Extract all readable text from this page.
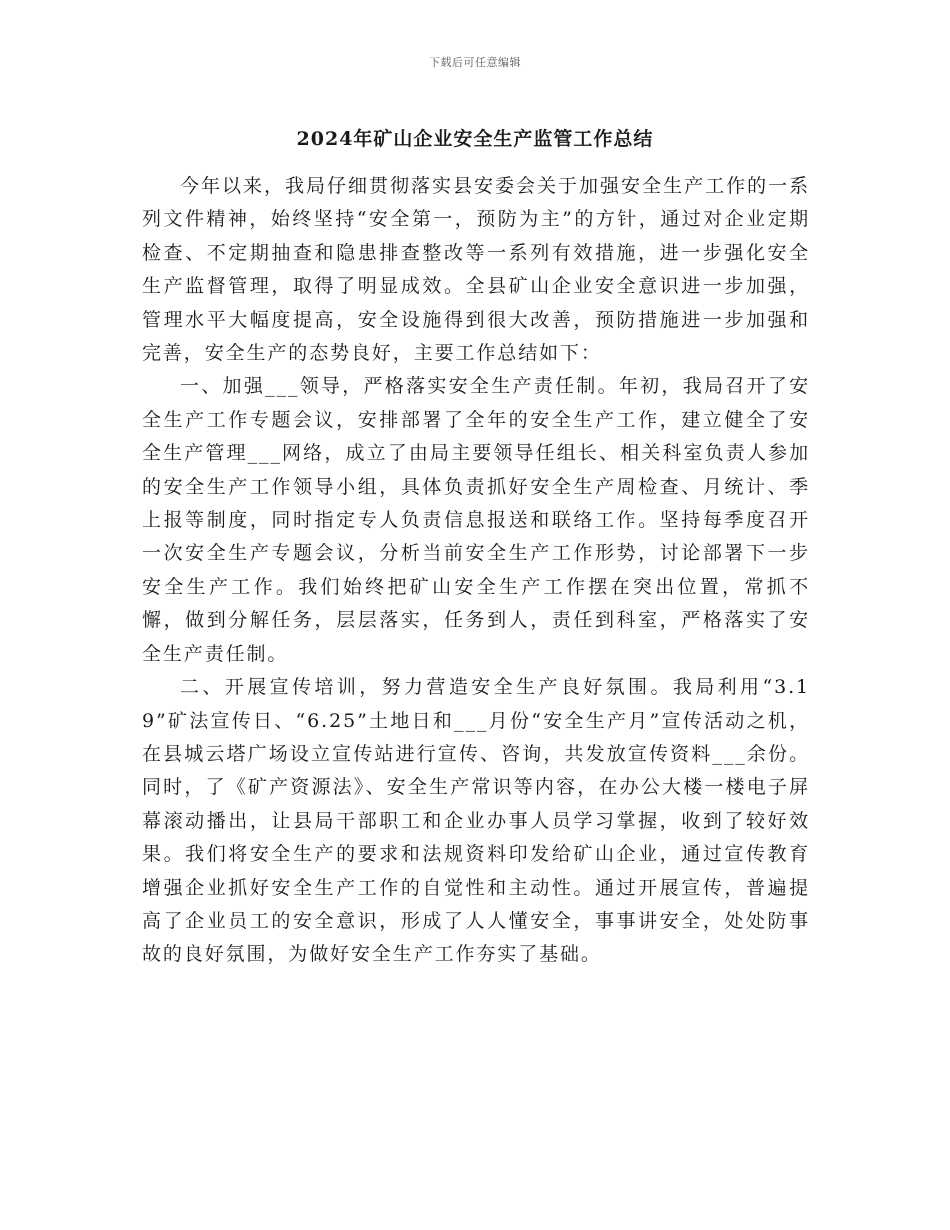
下载后可任意编辑
2024年矿山企业安全生产监管工作总结

今年以来，我局仔细贯彻落实县安委会关于加强安全生产工作的一系列文件精神，始终坚持“安全第一，预防为主”的方针，通过对企业定期检查、不定期抽查和隐患排查整改等一系列有效措施，进一步强化安全生产监督管理，取得了明显成效。全县矿山企业安全意识进一步加强，管理水平大幅度提高，安全设施得到很大改善，预防措施进一步加强和完善，安全生产的态势良好，主要工作总结如下：

一、加强___领导，严格落实安全生产责任制。年初，我局召开了安全生产工作专题会议，安排部署了全年的安全生产工作，建立健全了安全生产管理___网络，成立了由局主要领导任组长、相关科室负责人参加的安全生产工作领导小组，具体负责抓好安全生产周检查、月统计、季上报等制度，同时指定专人负责信息报送和联络工作。坚持每季度召开一次安全生产专题会议，分析当前安全生产工作形势，讨论部署下一步安全生产工作。我们始终把矿山安全生产工作摆在突出位置，常抓不懈，做到分解任务，层层落实，任务到人，责任到科室，严格落实了安全生产责任制。

二、开展宣传培训，努力营造安全生产良好氛围。我局利用“3.19”矿法宣传日、“6.25”土地日和___月份“安全生产月”宣传活动之机，在县城云塔广场设立宣传站进行宣传、咨询，共发放宣传资料___余份。同时，了《矿产资源法》、安全生产常识等内容，在办公大楼一楼电子屏幕滚动播出，让县局干部职工和企业办事人员学习掌握，收到了较好效果。我们将安全生产的要求和法规资料印发给矿山企业，通过宣传教育增强企业抓好安全生产工作的自觉性和主动性。通过开展宣传，普遍提高了企业员工的安全意识，形成了人人懂安全，事事讲安全，处处防事故的良好氛围，为做好安全生产工作夯实了基础。
